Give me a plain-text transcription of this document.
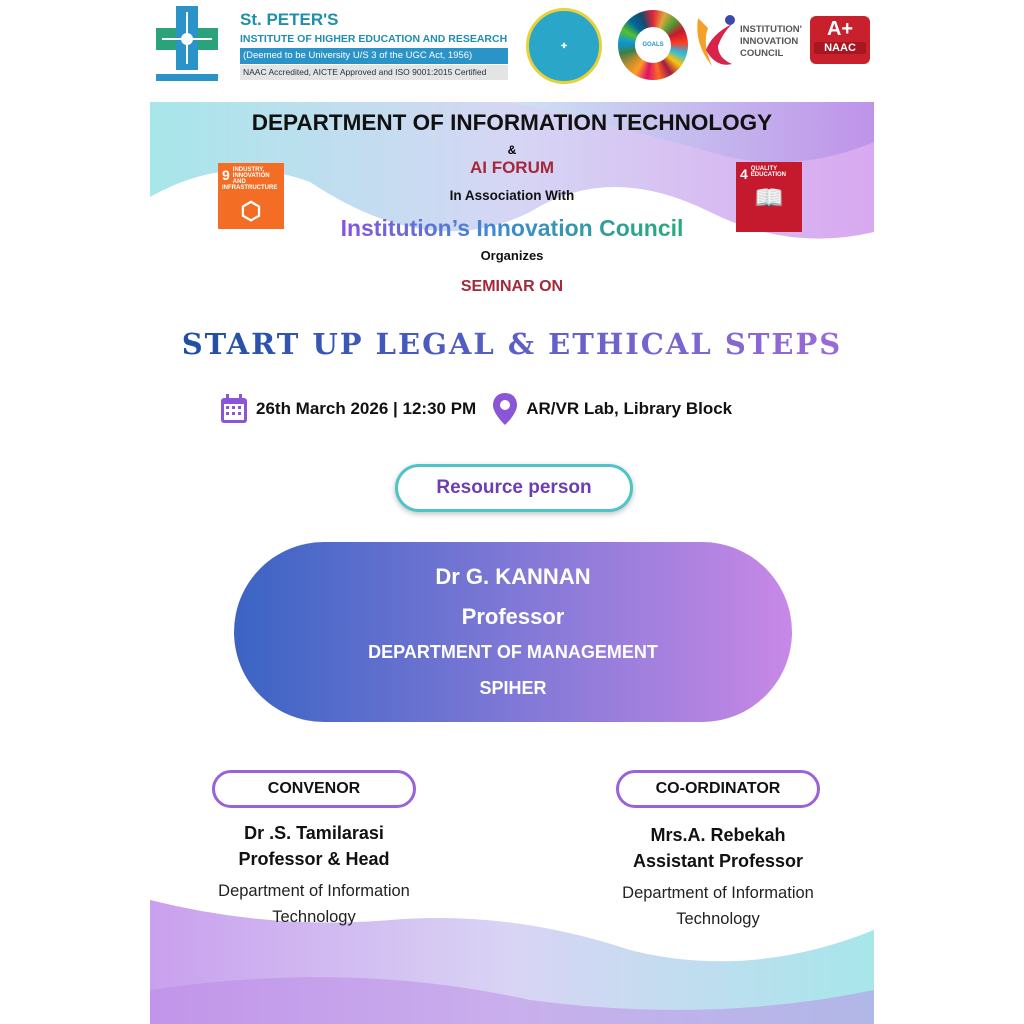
St. PETER'S
INSTITUTE OF HIGHER EDUCATION AND RESEARCH
(Deemed to be University U/S 3 of the UGC Act, 1956)
NAAC Accredited, AICTE Approved and ISO 9001:2015 Certified
✚	GOALS
INSTITUTION'
INNOVATION
COUNCIL
A+
NAAC
9 INDUSTRY, INNOVATION AND INFRASTRUCTURE
⬡
4 QUALITY EDUCATION
📖
DEPARTMENT OF INFORMATION TECHNOLOGY
&
AI FORUM
In Association With
Institution’s Innovation Council
Organizes
SEMINAR ON
START UP LEGAL & ETHICAL STEPS
26th March 2026 | 12:30 PM	AR/VR Lab, Library Block
Resource person
Dr G. KANNAN
Professor
DEPARTMENT OF MANAGEMENT
SPIHER
CONVENOR	CO-ORDINATOR
Dr .S. Tamilarasi
Professor & Head
Department of Information
Technology
Mrs.A. Rebekah
Assistant Professor
Department of Information
Technology
